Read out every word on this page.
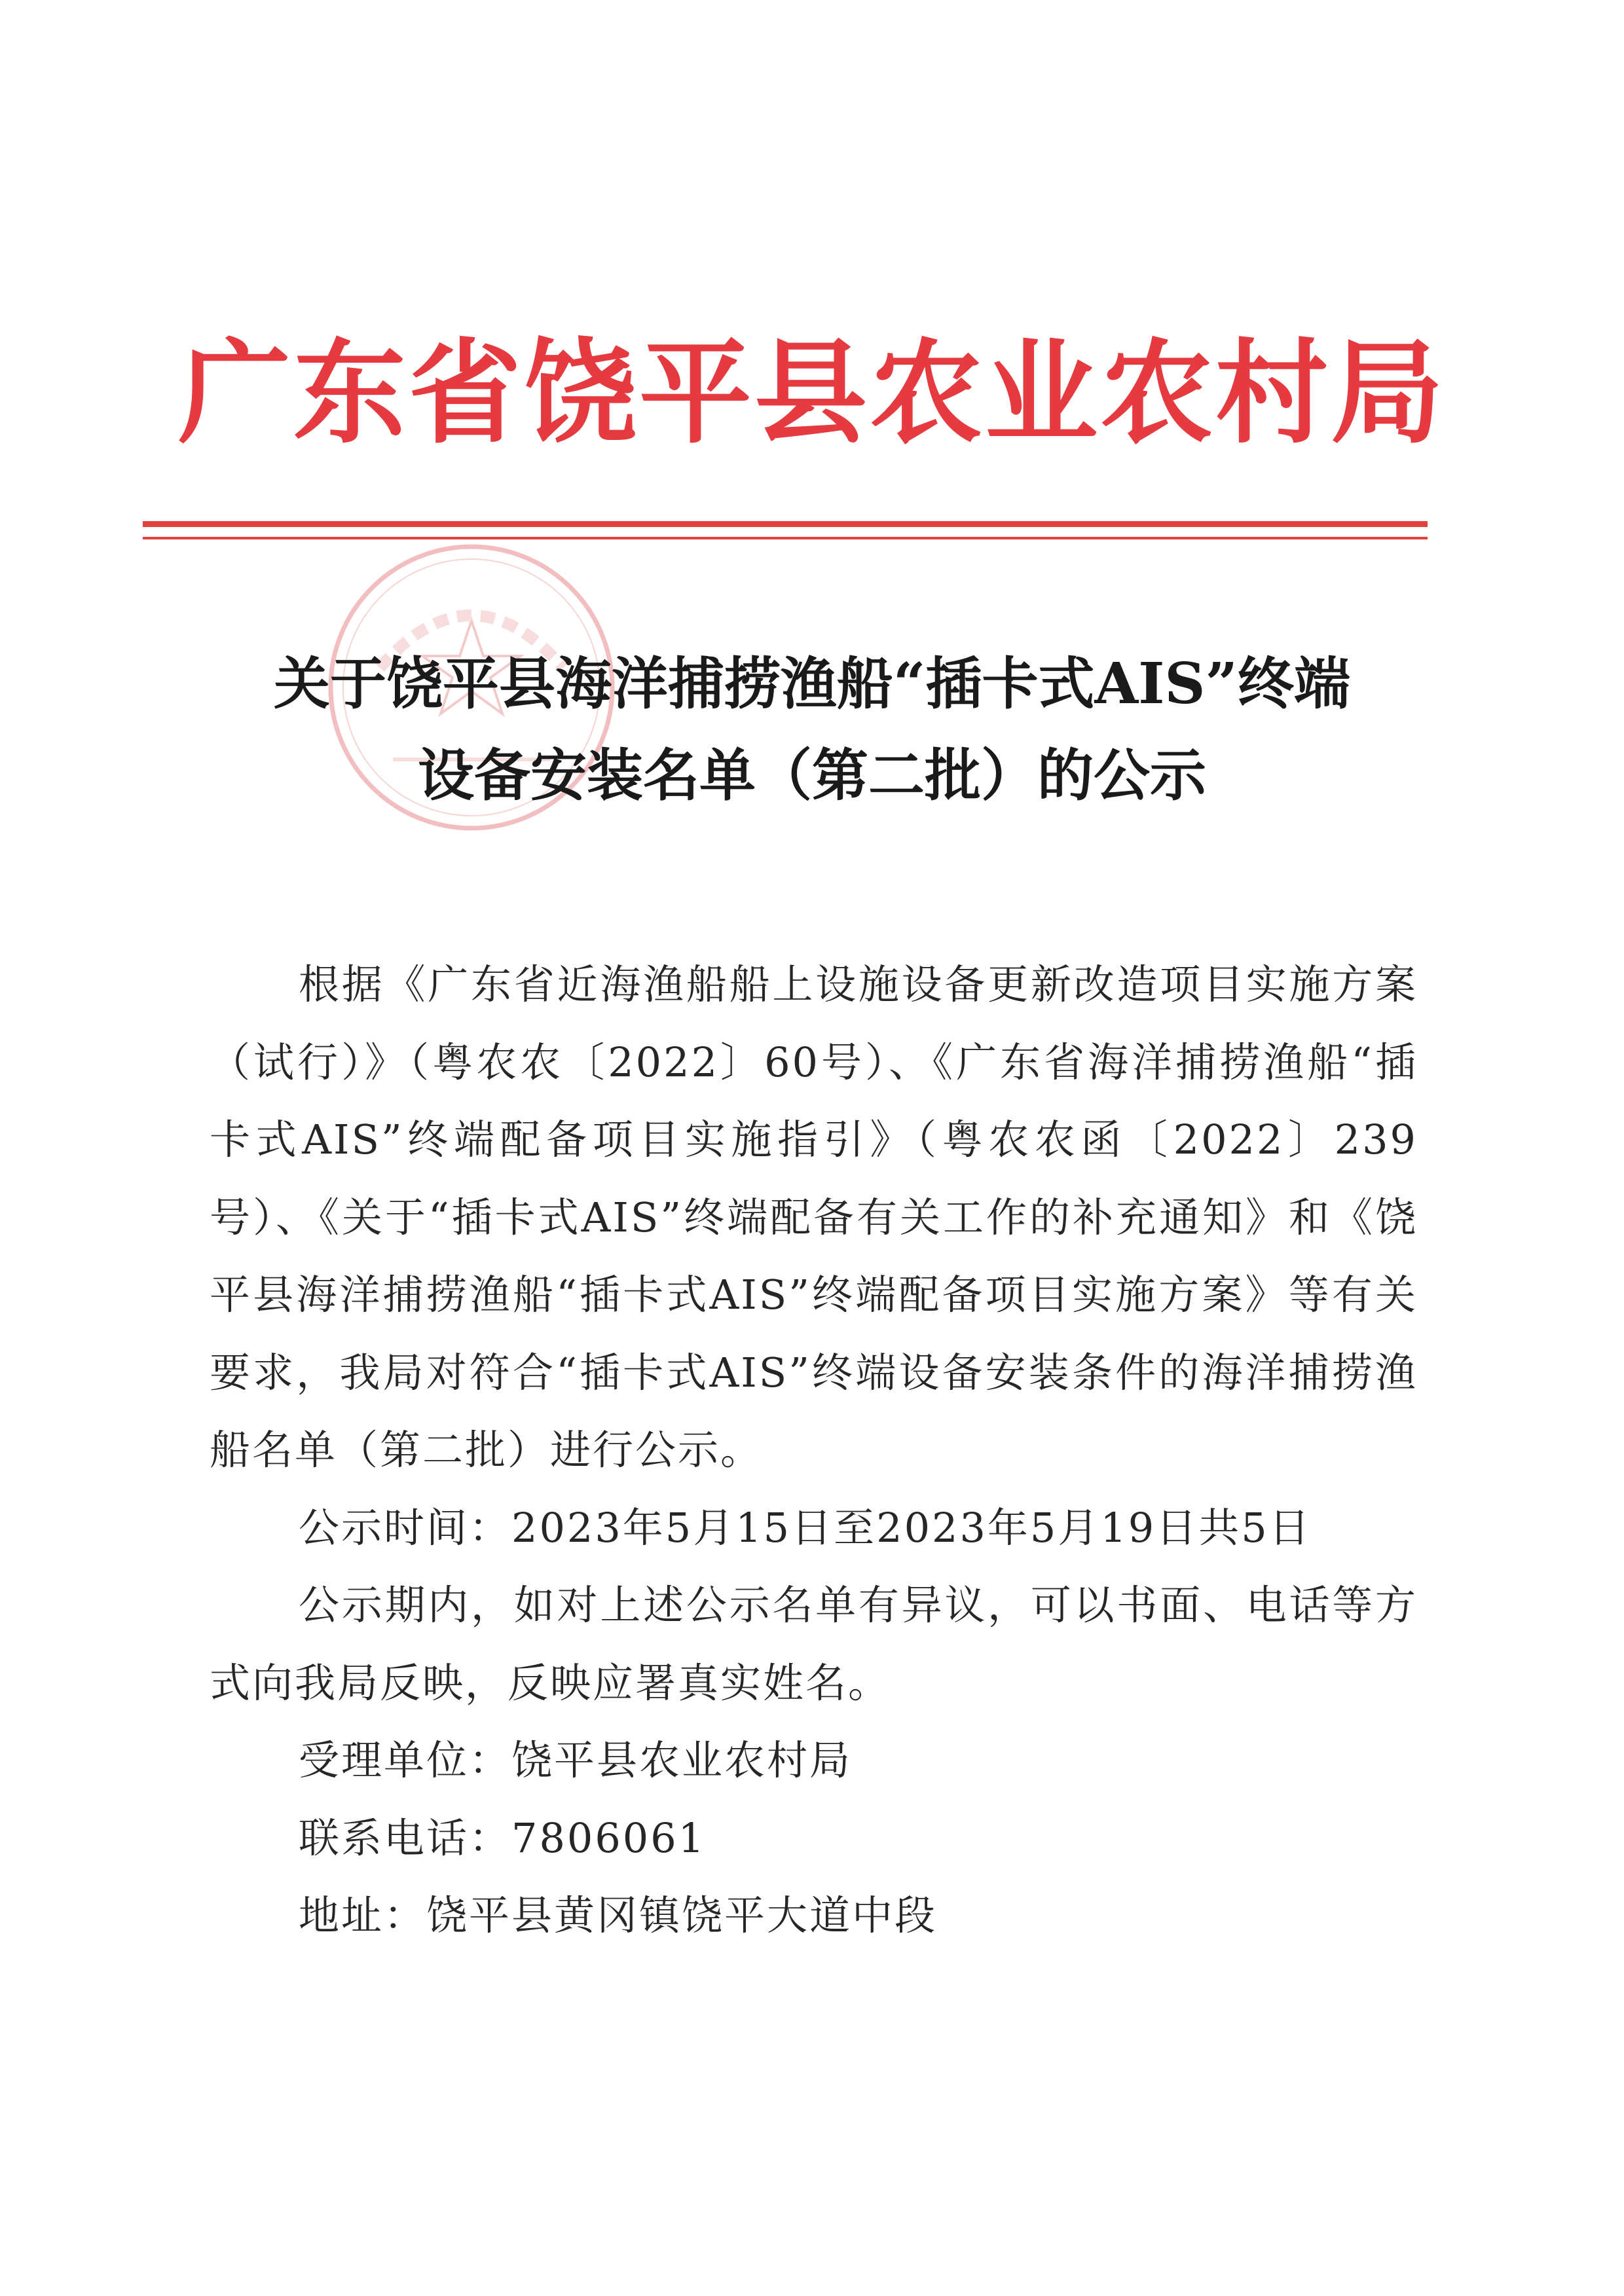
广东省饶平县农业农村局
关于饶平县海洋捕捞渔船“插卡式AIS”终端
设备安装名单（第二批）的公示

根据《广东省近海渔船船上设施设备更新改造项目实施方案（试行）》（粤农农〔2022〕60号）、《广东省海洋捕捞渔船“插卡式AIS”终端配备项目实施指引》（粤农农函〔2022〕239号）、《关于“插卡式AIS”终端配备有关工作的补充通知》和《饶平县海洋捕捞渔船“插卡式AIS”终端配备项目实施方案》等有关要求，我局对符合“插卡式AIS”终端设备安装条件的海洋捕捞渔船名单（第二批）进行公示。

公示时间：2023年5月15日至2023年5月19日共5日

公示期内，如对上述公示名单有异议，可以书面、电话等方式向我局反映，反映应署真实姓名。

受理单位：饶平县农业农村局

联系电话：7806061

地址：饶平县黄冈镇饶平大道中段
